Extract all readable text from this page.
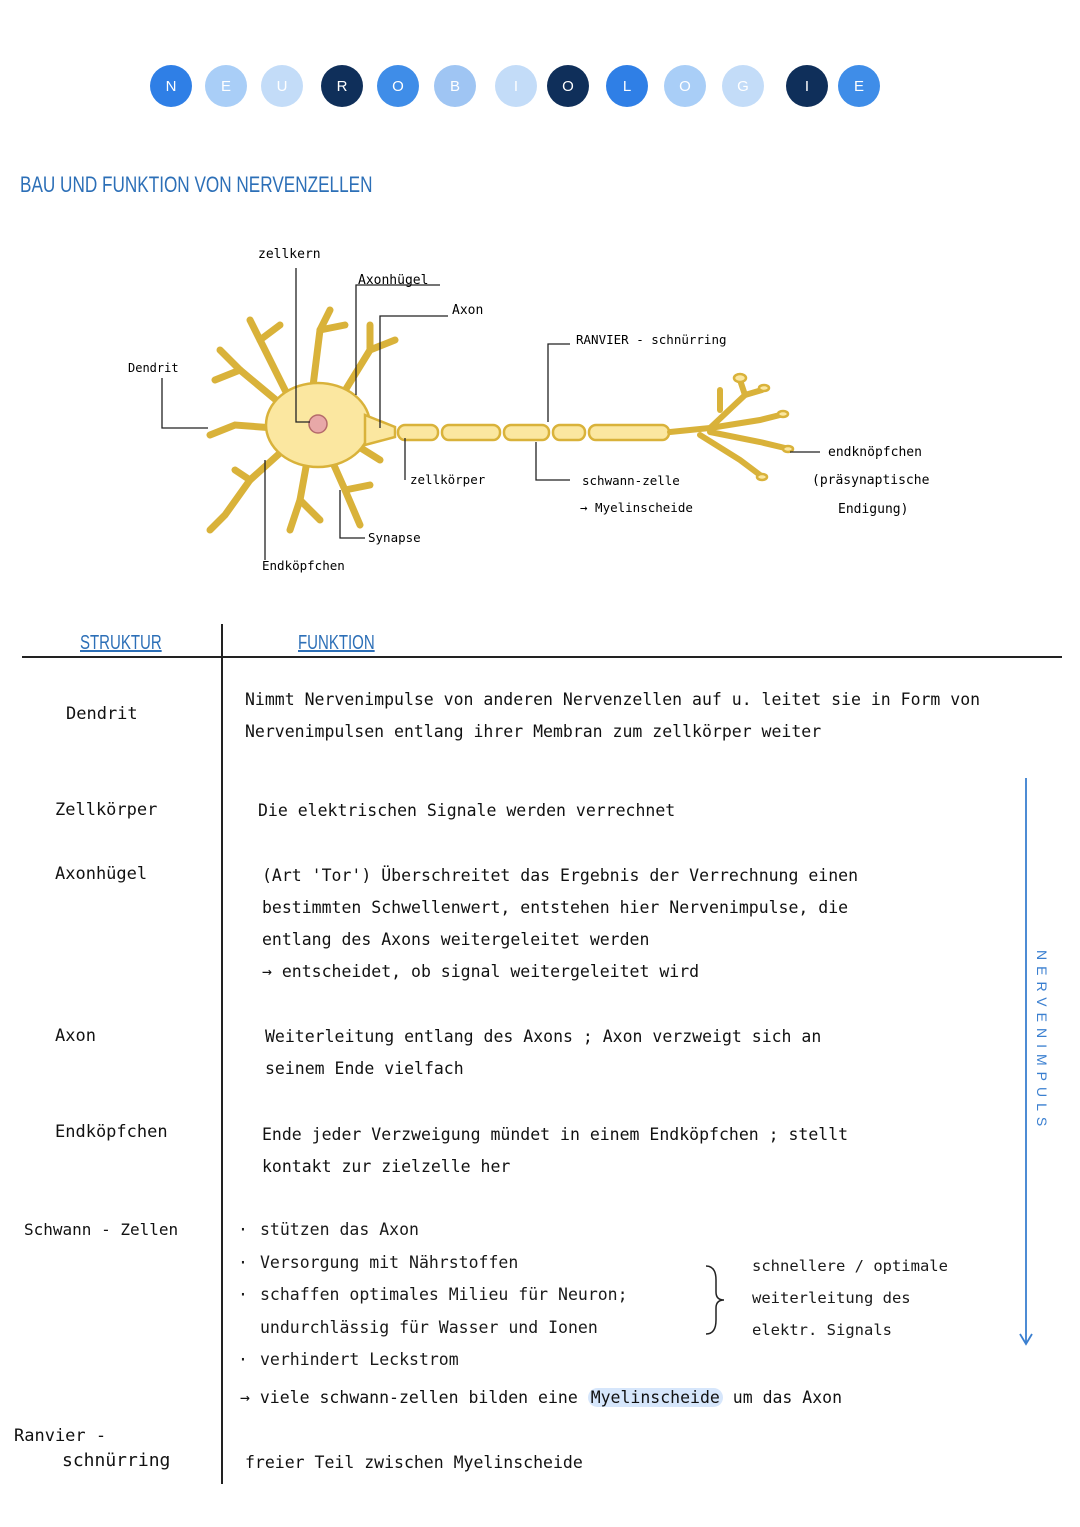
N	E	U	R	O	B	I	O	L	O	G	I	E
BAU UND FUNKTION VON NERVENZELLEN
zellkern
Axonhügel
Axon
Dendrit
RANVIER - schnürring
zellkörper	schwann-zelle
→ Myelinscheide
Synapse
Endköpfchen
endknöpfchen
(präsynaptische
Endigung)
STRUKTUR	FUNKTION
Dendrit
Nimmt Nervenimpulse von anderen Nervenzellen auf u. leitet sie in Form von
Nervenimpulsen entlang ihrer Membran zum zellkörper weiter
Zellkörper	Die elektrischen Signale werden verrechnet
Axonhügel	(Art 'Tor') Überschreitet das Ergebnis der Verrechnung einen
bestimmten Schwellenwert, entstehen hier Nervenimpulse, die
entlang des Axons weitergeleitet werden
→ entscheidet, ob signal weitergeleitet wird
Axon	Weiterleitung entlang des Axons ; Axon verzweigt sich an
seinem Ende vielfach
Endköpfchen	Ende jeder Verzweigung mündet in einem Endköpfchen ; stellt
kontakt zur zielzelle her
Schwann - Zellen	· stützen das Axon
· Versorgung mit Nährstoffen
· schaffen optimales Milieu für Neuron;
undurchlässig für Wasser und Ionen
· verhindert Leckstrom
schnellere / optimale
weiterleitung des
elektr. Signals
→ viele schwann-zellen bilden eine Myelinscheide um das Axon
Ranvier -
schnürring	freier Teil zwischen Myelinscheide
NERVENIMPULS
